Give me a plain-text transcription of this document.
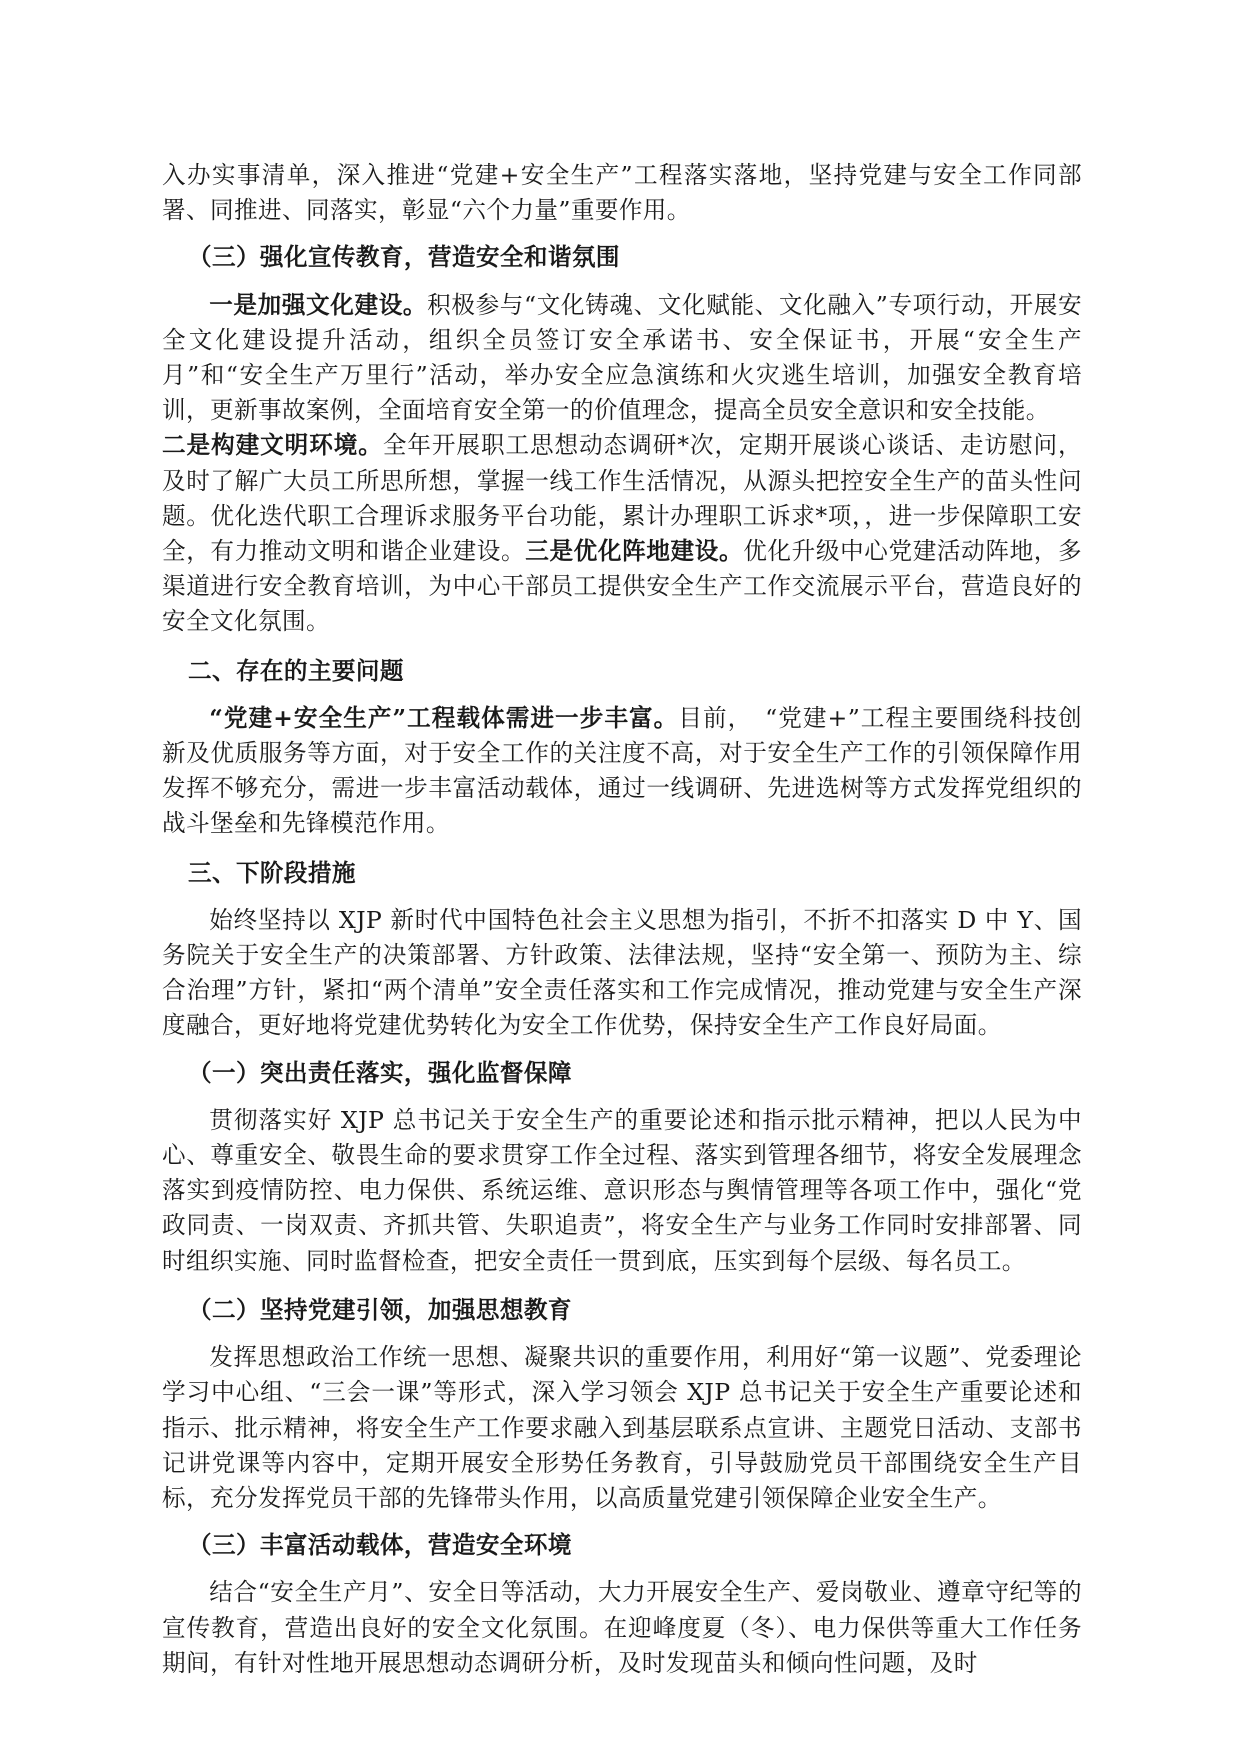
入办实事清单，深入推进“党建+安全生产”工程落实落地，坚持党建与安全工作同部署、同推进、同落实，彰显“六个力量”重要作用。

（三）强化宣传教育，营造安全和谐氛围

一是加强文化建设。积极参与“文化铸魂、文化赋能、文化融入”专项行动，开展安全文化建设提升活动，组织全员签订安全承诺书、安全保证书，开展“安全生产月”和“安全生产万里行”活动，举办安全应急演练和火灾逃生培训，加强安全教育培训，更新事故案例，全面培育安全第一的价值理念，提高全员安全意识和安全技能。
二是构建文明环境。全年开展职工思想动态调研*次，定期开展谈心谈话、走访慰问，及时了解广大员工所思所想，掌握一线工作生活情况，从源头把控安全生产的苗头性问题。优化迭代职工合理诉求服务平台功能，累计办理职工诉求*项，，进一步保障职工安全，有力推动文明和谐企业建设。三是优化阵地建设。优化升级中心党建活动阵地，多渠道进行安全教育培训，为中心干部员工提供安全生产工作交流展示平台，营造良好的安全文化氛围。

二、存在的主要问题

“党建+安全生产”工程载体需进一步丰富。目前，　“党建+”工程主要围绕科技创新及优质服务等方面，对于安全工作的关注度不高，对于安全生产工作的引领保障作用发挥不够充分，需进一步丰富活动载体，通过一线调研、先进选树等方式发挥党组织的战斗堡垒和先锋模范作用。

三、下阶段措施

始终坚持以 XJP 新时代中国特色社会主义思想为指引，不折不扣落实 D 中 Y、国务院关于安全生产的决策部署、方针政策、法律法规，坚持“安全第一、预防为主、综合治理”方针，紧扣“两个清单”安全责任落实和工作完成情况，推动党建与安全生产深度融合，更好地将党建优势转化为安全工作优势，保持安全生产工作良好局面。

（一）突出责任落实，强化监督保障

贯彻落实好 XJP 总书记关于安全生产的重要论述和指示批示精神，把以人民为中心、尊重安全、敬畏生命的要求贯穿工作全过程、落实到管理各细节，将安全发展理念落实到疫情防控、电力保供、系统运维、意识形态与舆情管理等各项工作中，强化“党政同责、一岗双责、齐抓共管、失职追责”，将安全生产与业务工作同时安排部署、同时组织实施、同时监督检查，把安全责任一贯到底，压实到每个层级、每名员工。

（二）坚持党建引领，加强思想教育

发挥思想政治工作统一思想、凝聚共识的重要作用，利用好“第一议题”、党委理论学习中心组、“三会一课”等形式，深入学习领会 XJP 总书记关于安全生产重要论述和指示、批示精神，将安全生产工作要求融入到基层联系点宣讲、主题党日活动、支部书记讲党课等内容中，定期开展安全形势任务教育，引导鼓励党员干部围绕安全生产目标，充分发挥党员干部的先锋带头作用，以高质量党建引领保障企业安全生产。

（三）丰富活动载体，营造安全环境

结合“安全生产月”、安全日等活动，大力开展安全生产、爱岗敬业、遵章守纪等的宣传教育，营造出良好的安全文化氛围。在迎峰度夏（冬）、电力保供等重大工作任务期间，有针对性地开展思想动态调研分析，及时发现苗头和倾向性问题，及时
